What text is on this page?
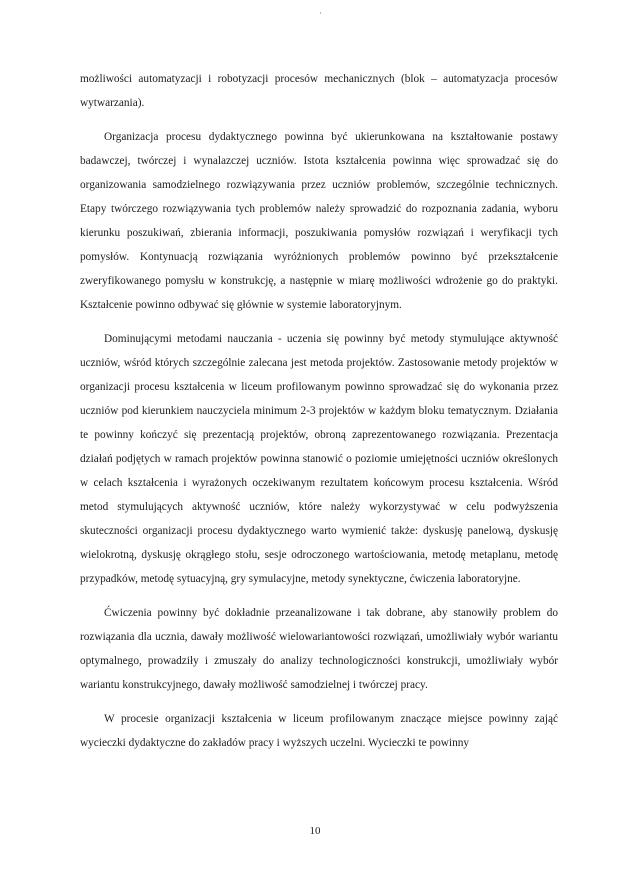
możliwości automatyzacji i robotyzacji procesów mechanicznych (blok – automatyzacja procesów wytwarzania).

Organizacja procesu dydaktycznego powinna być ukierunkowana na kształtowanie postawy badawczej, twórczej i wynalazczej uczniów. Istota kształcenia powinna więc sprowadzać się do organizowania samodzielnego rozwiązywania przez uczniów problemów, szczególnie technicznych. Etapy twórczego rozwiązywania tych problemów należy sprowadzić do rozpoznania zadania, wyboru kierunku poszukiwań, zbierania informacji, poszukiwania pomysłów rozwiązań i weryfikacji tych pomysłów. Kontynuacją rozwiązania wyróżnionych problemów powinno być przekształcenie zweryfikowanego pomysłu w konstrukcję, a następnie w miarę możliwości wdrożenie go do praktyki. Kształcenie powinno odbywać się głównie w systemie laboratoryjnym.

Dominującymi metodami nauczania - uczenia się powinny być metody stymulujące aktywność uczniów, wśród których szczególnie zalecana jest metoda projektów. Zastosowanie metody projektów w organizacji procesu kształcenia w liceum profilowanym powinno sprowadzać się do wykonania przez uczniów pod kierunkiem nauczyciela minimum 2-3 projektów w każdym bloku tematycznym. Działania te powinny kończyć się prezentacją projektów, obroną zaprezentowanego rozwiązania. Prezentacja działań podjętych w ramach projektów powinna stanowić o poziomie umiejętności uczniów określonych w celach kształcenia i wyrażonych oczekiwanym rezultatem końcowym procesu kształcenia. Wśród metod stymulujących aktywność uczniów, które należy wykorzystywać w celu podwyższenia skuteczności organizacji procesu dydaktycznego warto wymienić także: dyskusję panelową, dyskusję wielokrotną, dyskusję okrągłego stołu, sesje odroczonego wartościowania, metodę metaplanu, metodę przypadków, metodę sytuacyjną, gry symulacyjne, metody synektyczne, ćwiczenia laboratoryjne.

Ćwiczenia powinny być dokładnie przeanalizowane i tak dobrane, aby stanowiły problem do rozwiązania dla ucznia, dawały możliwość wielowariantowości rozwiązań, umożliwiały wybór wariantu optymalnego, prowadziły i zmuszały do analizy technologiczności konstrukcji, umożliwiały wybór wariantu konstrukcyjnego, dawały możliwość samodzielnej i twórczej pracy.

W procesie organizacji kształcenia w liceum profilowanym znaczące miejsce powinny zająć wycieczki dydaktyczne do zakładów pracy i wyższych uczelni. Wycieczki te powinny

10
